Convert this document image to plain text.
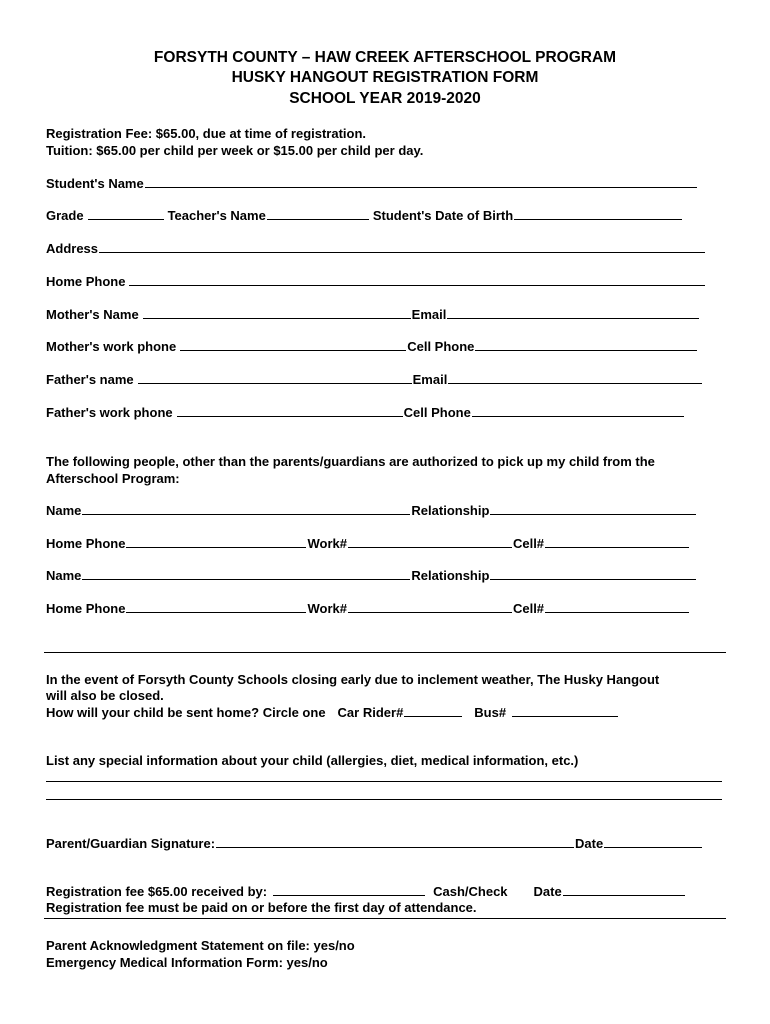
FORSYTH COUNTY – HAW CREEK AFTERSCHOOL PROGRAM
HUSKY HANGOUT REGISTRATION FORM
SCHOOL YEAR 2019-2020
Registration Fee: $65.00, due at time of registration.
Tuition: $65.00 per child per week or $15.00 per child per day.
Student's Name
Grade	Teacher's Name	Student's Date of Birth
Address
Home Phone
Mother's Name	Email
Mother's work phone	Cell Phone
Father's name	Email
Father's work phone	Cell Phone
The following people, other than the parents/guardians are authorized to pick up my child from the
Afterschool Program:
Name	Relationship
Home Phone	Work#	Cell#
Name	Relationship
Home Phone	Work#	Cell#
In the event of Forsyth County Schools closing early due to inclement weather, The Husky Hangout
will also be closed.
How will your child be sent home? Circle one Car Rider#	Bus#
List any special information about your child (allergies, diet, medical information, etc.)
Parent/Guardian Signature:	Date
Registration fee $65.00 received by:	Cash/Check Date
Registration fee must be paid on or before the first day of attendance.
Parent Acknowledgment Statement on file: yes/no
Emergency Medical Information Form: yes/no
